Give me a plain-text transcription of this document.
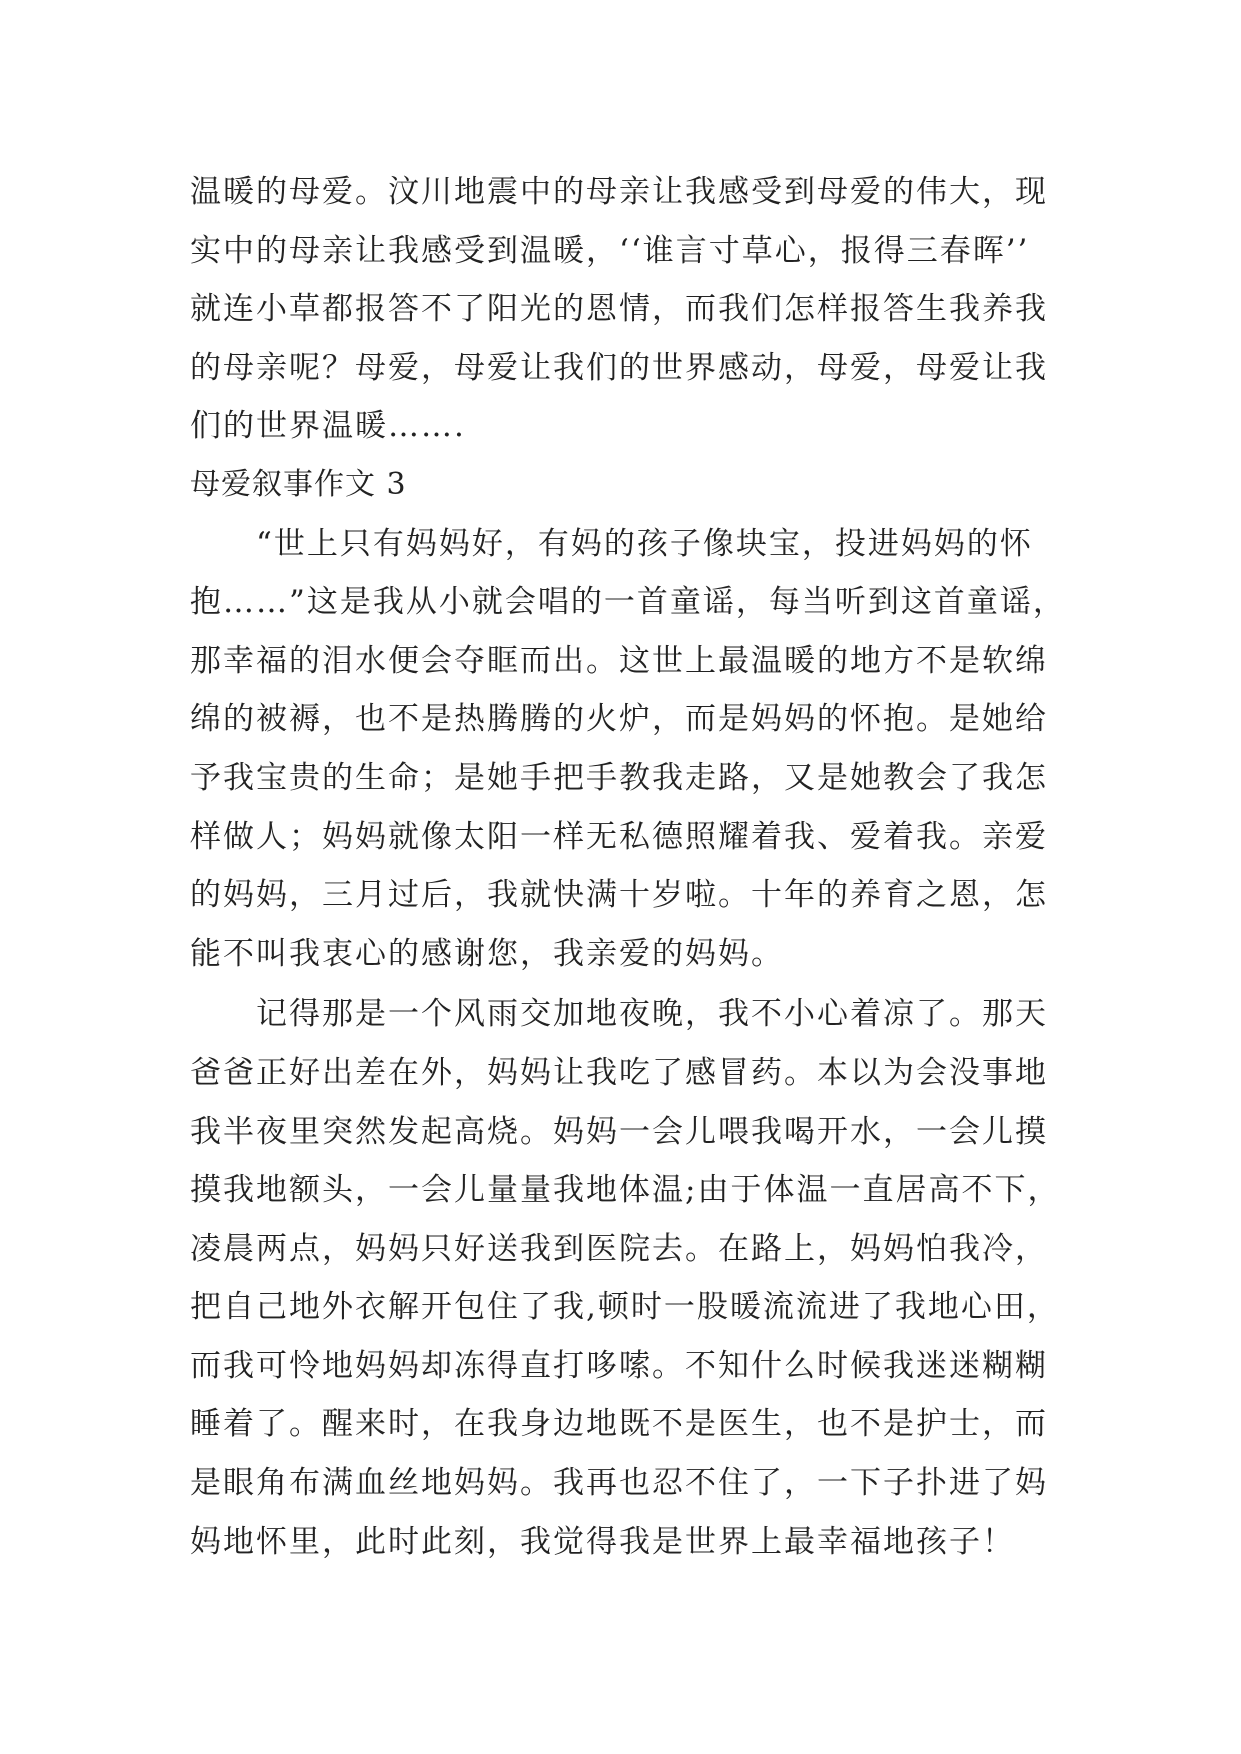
温暖的母爱。汶川地震中的母亲让我感受到母爱的伟大，现
实中的母亲让我感受到温暖，‘‘谁言寸草心，报得三春晖’’
就连小草都报答不了阳光的恩情，而我们怎样报答生我养我
的母亲呢？母爱，母爱让我们的世界感动，母爱，母爱让我
们的世界温暖…….
母爱叙事作文 3
“世上只有妈妈好，有妈的孩子像块宝，投进妈妈的怀
抱……”这是我从小就会唱的一首童谣，每当听到这首童谣，
那幸福的泪水便会夺眶而出。这世上最温暖的地方不是软绵
绵的被褥，也不是热腾腾的火炉，而是妈妈的怀抱。是她给
予我宝贵的生命；是她手把手教我走路，又是她教会了我怎
样做人；妈妈就像太阳一样无私德照耀着我、爱着我。亲爱
的妈妈，三月过后，我就快满十岁啦。十年的养育之恩，怎
能不叫我衷心的感谢您，我亲爱的妈妈。
记得那是一个风雨交加地夜晚，我不小心着凉了。那天
爸爸正好出差在外，妈妈让我吃了感冒药。本以为会没事地
我半夜里突然发起高烧。妈妈一会儿喂我喝开水，一会儿摸
摸我地额头，一会儿量量我地体温;由于体温一直居高不下，
凌晨两点，妈妈只好送我到医院去。在路上，妈妈怕我冷，
把自己地外衣解开包住了我,顿时一股暖流流进了我地心田，
而我可怜地妈妈却冻得直打哆嗦。不知什么时候我迷迷糊糊
睡着了。醒来时，在我身边地既不是医生，也不是护士，而
是眼角布满血丝地妈妈。我再也忍不住了，一下子扑进了妈
妈地怀里，此时此刻，我觉得我是世界上最幸福地孩子！
